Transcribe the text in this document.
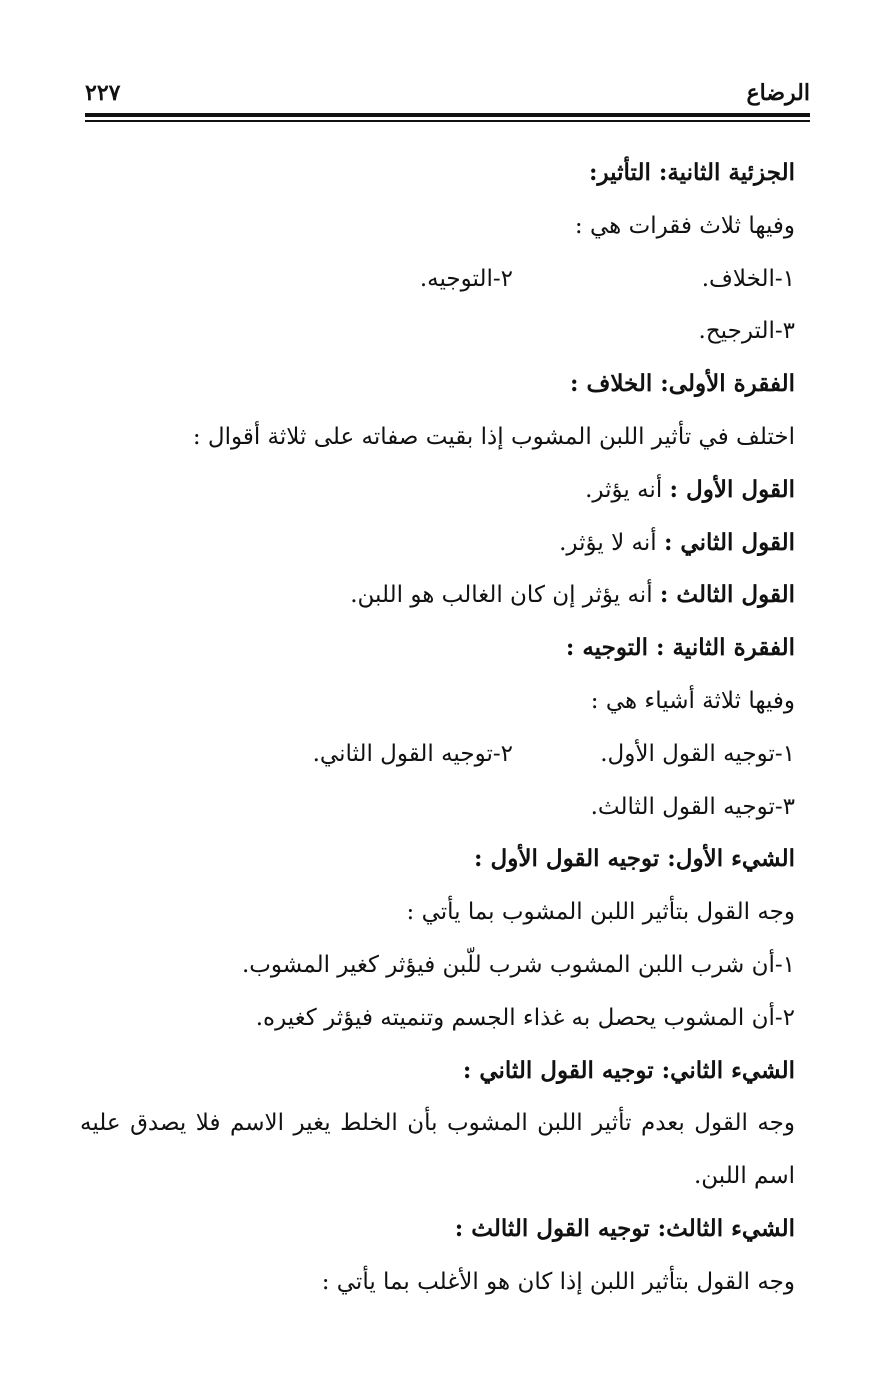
الرضاع
٢٢٧
الجزئية الثانية: التأثير:
وفيها ثلاث فقرات هي :
١-الخلاف.
٢-التوجيه.
٣-الترجيح.
الفقرة الأولى: الخلاف :
اختلف في تأثير اللبن المشوب إذا بقيت صفاته على ثلاثة أقوال :
القول الأول : أنه يؤثر.
القول الثاني : أنه لا يؤثر.
القول الثالث : أنه يؤثر إن كان الغالب هو اللبن.
الفقرة الثانية : التوجيه :
وفيها ثلاثة أشياء هي :
١-توجيه القول الأول.
٢-توجيه القول الثاني.
٣-توجيه القول الثالث.
الشيء الأول: توجيه القول الأول :
وجه القول بتأثير اللبن المشوب بما يأتي :
١-أن شرب اللبن المشوب شرب للّبن فيؤثر كغير المشوب.
٢-أن المشوب يحصل به غذاء الجسم وتنميته فيؤثر كغيره.
الشيء الثاني: توجيه القول الثاني :
وجه القول بعدم تأثير اللبن المشوب بأن الخلط يغير الاسم فلا يصدق عليه
اسم اللبن.
الشيء الثالث: توجيه القول الثالث :
وجه القول بتأثير اللبن إذا كان هو الأغلب بما يأتي :
